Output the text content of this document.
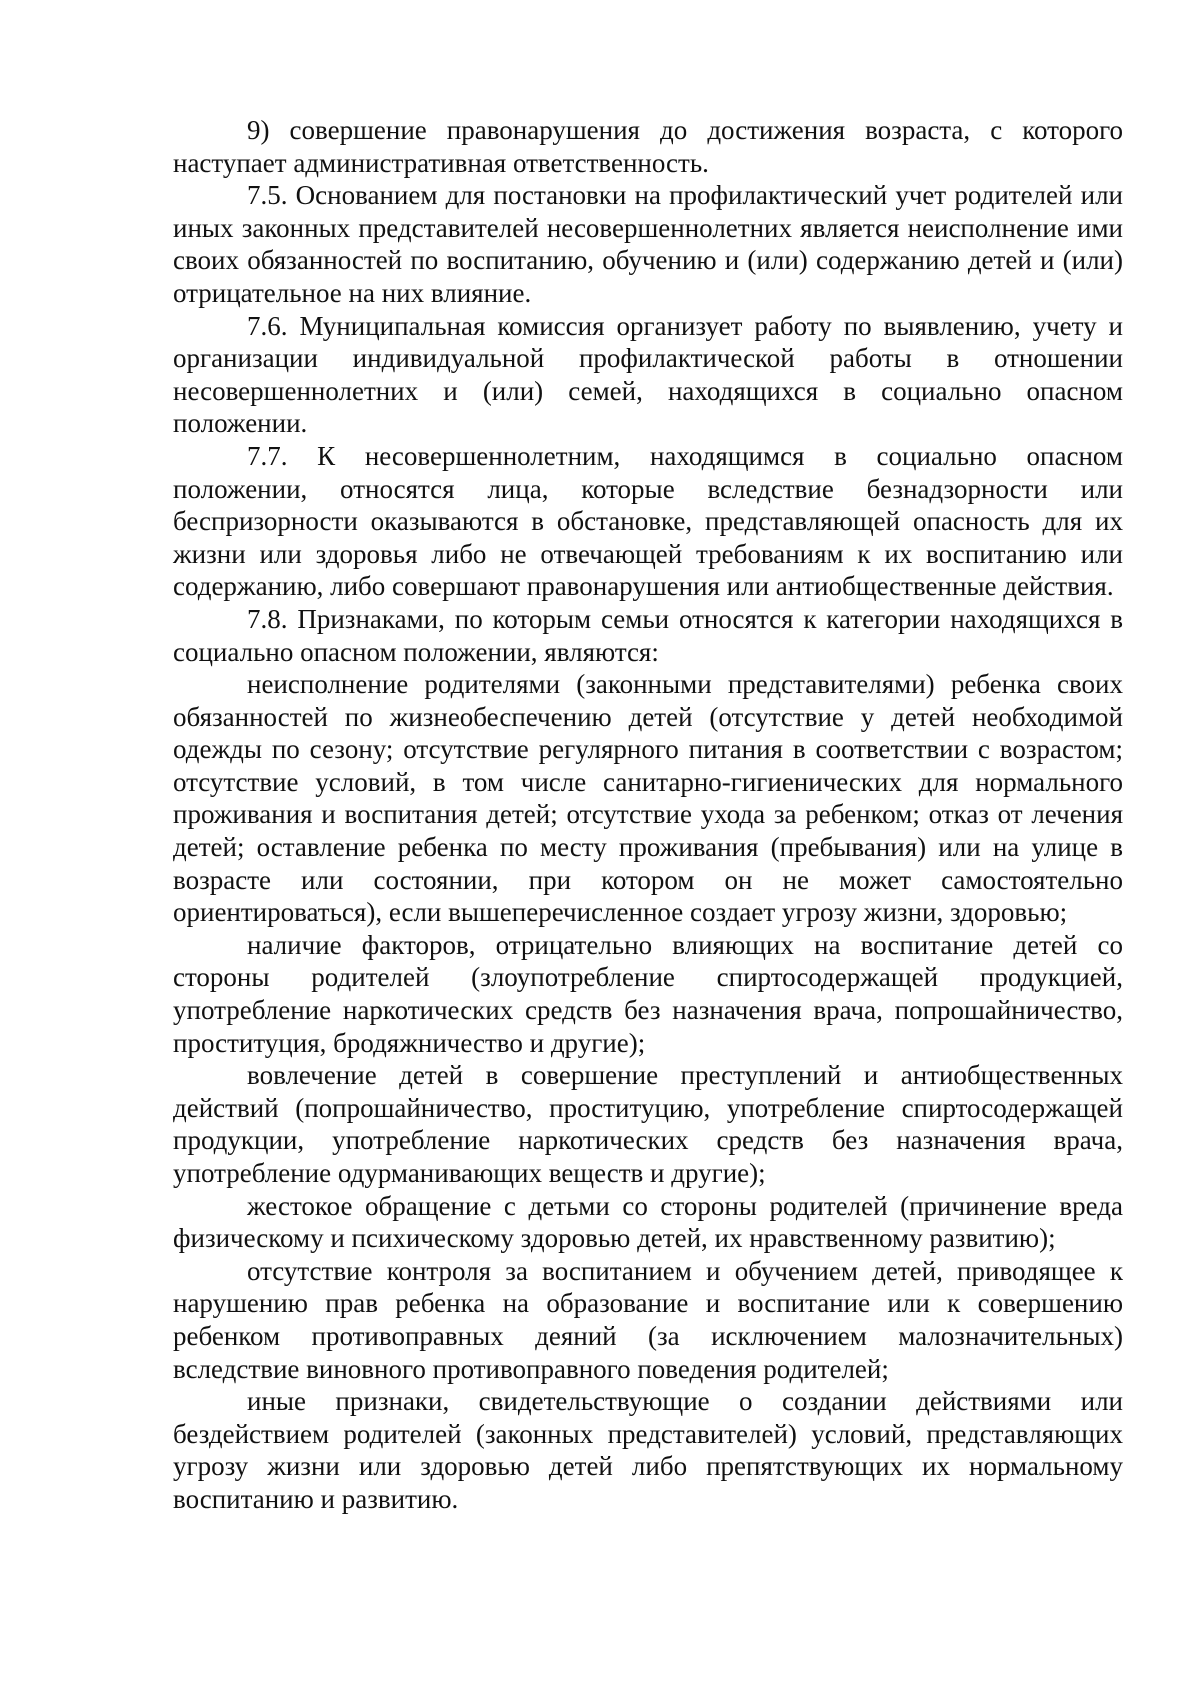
9) совершение правонарушения до достижения возраста, с которого наступает административная ответственность.

7.5. Основанием для постановки на профилактический учет родителей или иных законных представителей несовершеннолетних является неисполнение ими своих обязанностей по воспитанию, обучению и (или) содержанию детей и (или) отрицательное на них влияние.

7.6. Муниципальная комиссия организует работу по выявлению, учету и организации индивидуальной профилактической работы в отношении несовершеннолетних и (или) семей, находящихся в социально опасном положении.

7.7. К несовершеннолетним, находящимся в социально опасном положении, относятся лица, которые вследствие безнадзорности или беспризорности оказываются в обстановке, представляющей опасность для их жизни или здоровья либо не отвечающей требованиям к их воспитанию или содержанию, либо совершают правонарушения или антиобщественные действия.

7.8. Признаками, по которым семьи относятся к категории находящихся в социально опасном положении, являются:

неисполнение родителями (законными представителями) ребенка своих обязанностей по жизнеобеспечению детей (отсутствие у детей необходимой одежды по сезону; отсутствие регулярного питания в соответствии с возрастом; отсутствие условий, в том числе санитарно-гигиенических для нормального проживания и воспитания детей; отсутствие ухода за ребенком; отказ от лечения детей; оставление ребенка по месту проживания (пребывания) или на улице в возрасте или состоянии, при котором он не может самостоятельно ориентироваться), если вышеперечисленное создает угрозу жизни, здоровью;

наличие факторов, отрицательно влияющих на воспитание детей со стороны родителей (злоупотребление спиртосодержащей продукцией, употребление наркотических средств без назначения врача, попрошайничество, проституция, бродяжничество и другие);

вовлечение детей в совершение преступлений и антиобщественных действий (попрошайничество, проституцию, употребление спиртосодержащей продукции, употребление наркотических средств без назначения врача, употребление одурманивающих веществ и другие);

жестокое обращение с детьми со стороны родителей (причинение вреда физическому и психическому здоровью детей, их нравственному развитию);

отсутствие контроля за воспитанием и обучением детей, приводящее к нарушению прав ребенка на образование и воспитание или к совершению ребенком противоправных деяний (за исключением малозначительных) вследствие виновного противоправного поведения родителей;

иные признаки, свидетельствующие о создании действиями или бездействием родителей (законных представителей) условий, представляющих угрозу жизни или здоровью детей либо препятствующих их нормальному воспитанию и развитию.
